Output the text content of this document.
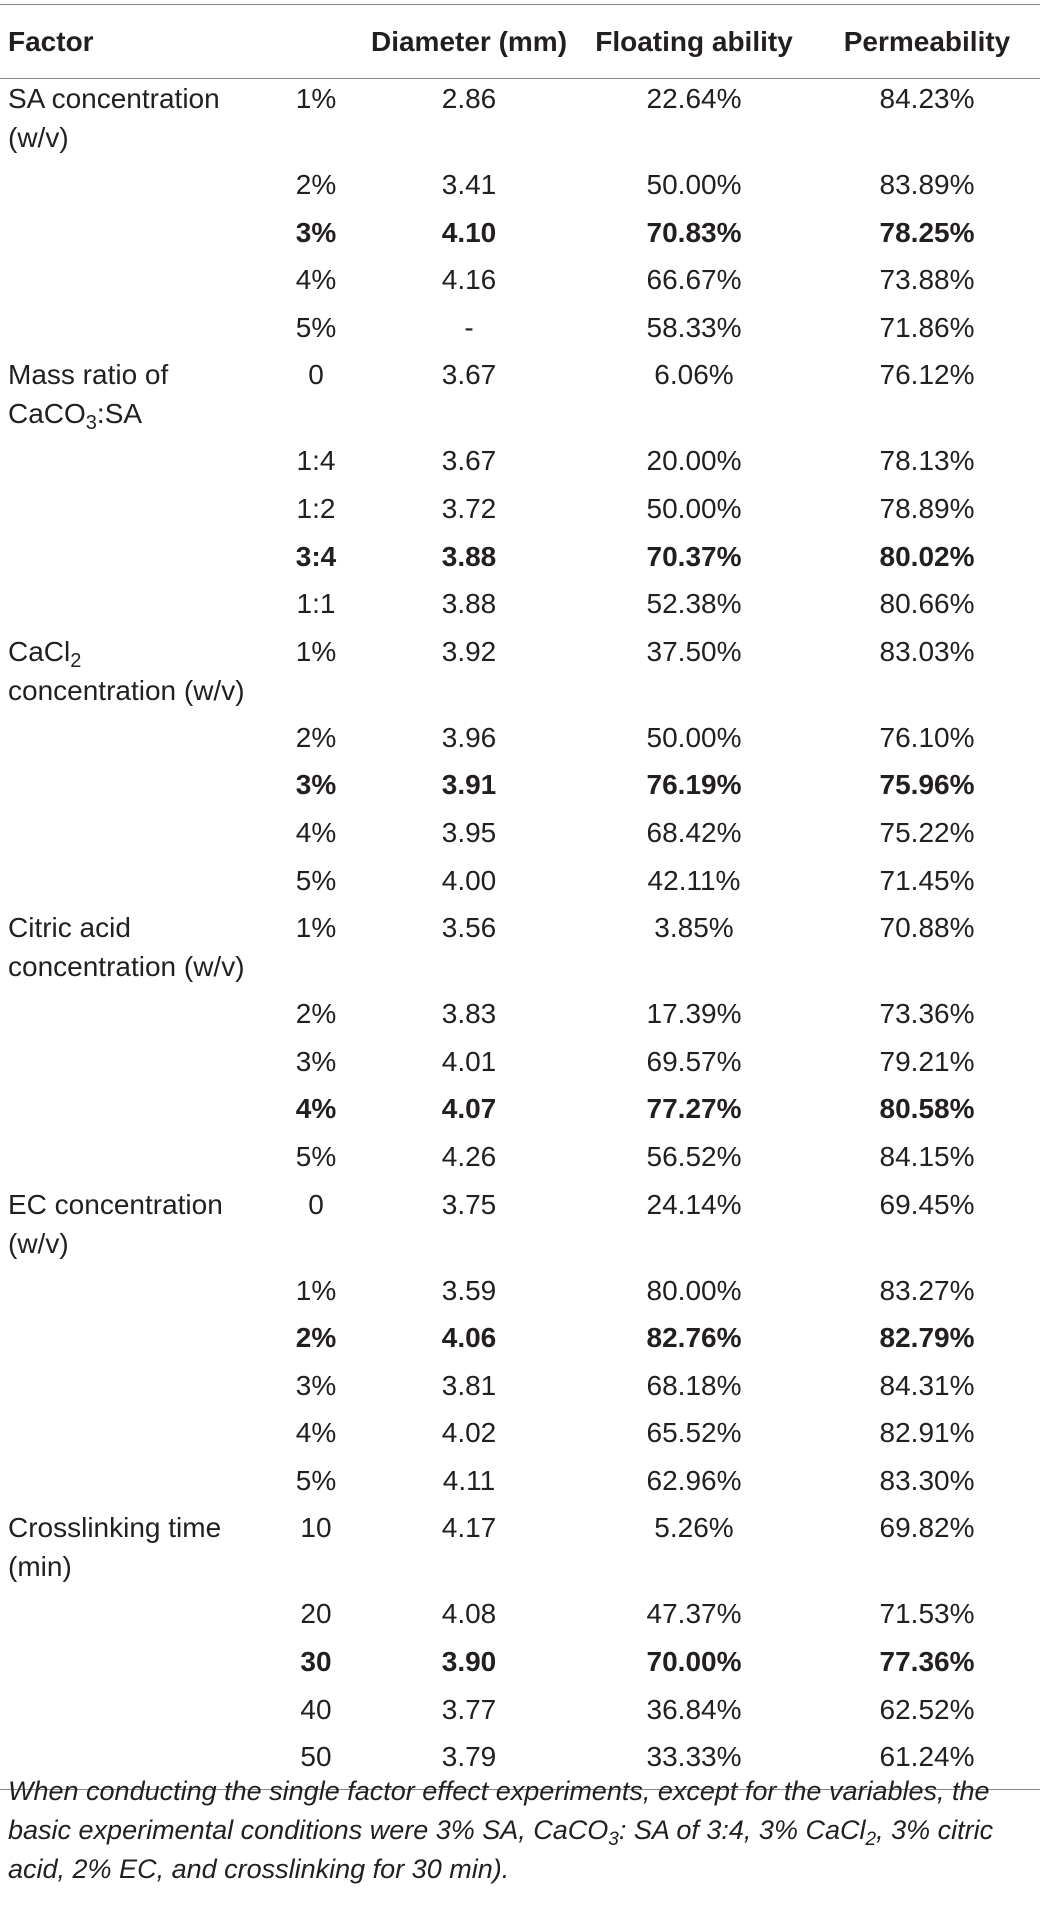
Factor		Diameter (mm)	Floating ability	Permeability

SA concentration
(w/v)	1%	2.86	22.64%	84.23%
	2%	3.41	50.00%	83.89%
	3%	4.10	70.83%	78.25%
	4%	4.16	66.67%	73.88%
	5%	-	58.33%	71.86%

Mass ratio of
CaCO$_3$:SA	0	3.67	6.06%	76.12%
	1:4	3.67	20.00%	78.13%
	1:2	3.72	50.00%	78.89%
	3:4	3.88	70.37%	80.02%
	1:1	3.88	52.38%	80.66%

CaCl$_2$
concentration (w/v)	1%	3.92	37.50%	83.03%
	2%	3.96	50.00%	76.10%
	3%	3.91	76.19%	75.96%
	4%	3.95	68.42%	75.22%
	5%	4.00	42.11%	71.45%

Citric acid
concentration (w/v)	1%	3.56	3.85%	70.88%
	2%	3.83	17.39%	73.36%
	3%	4.01	69.57%	79.21%
	4%	4.07	77.27%	80.58%
	5%	4.26	56.52%	84.15%

EC concentration
(w/v)	0	3.75	24.14%	69.45%
	1%	3.59	80.00%	83.27%
	2%	4.06	82.76%	82.79%
	3%	3.81	68.18%	84.31%
	4%	4.02	65.52%	82.91%
	5%	4.11	62.96%	83.30%

Crosslinking time
(min)	10	4.17	5.26%	69.82%
	20	4.08	47.37%	71.53%
	30	3.90	70.00%	77.36%
	40	3.77	36.84%	62.52%
	50	3.79	33.33%	61.24%
When conducting the single factor effect experiments, except for the variables, the basic experimental conditions were 3% SA, CaCO$_3$: SA of 3:4, 3% CaCl$_2$, 3% citric acid, 2% EC, and crosslinking for 30 min).
